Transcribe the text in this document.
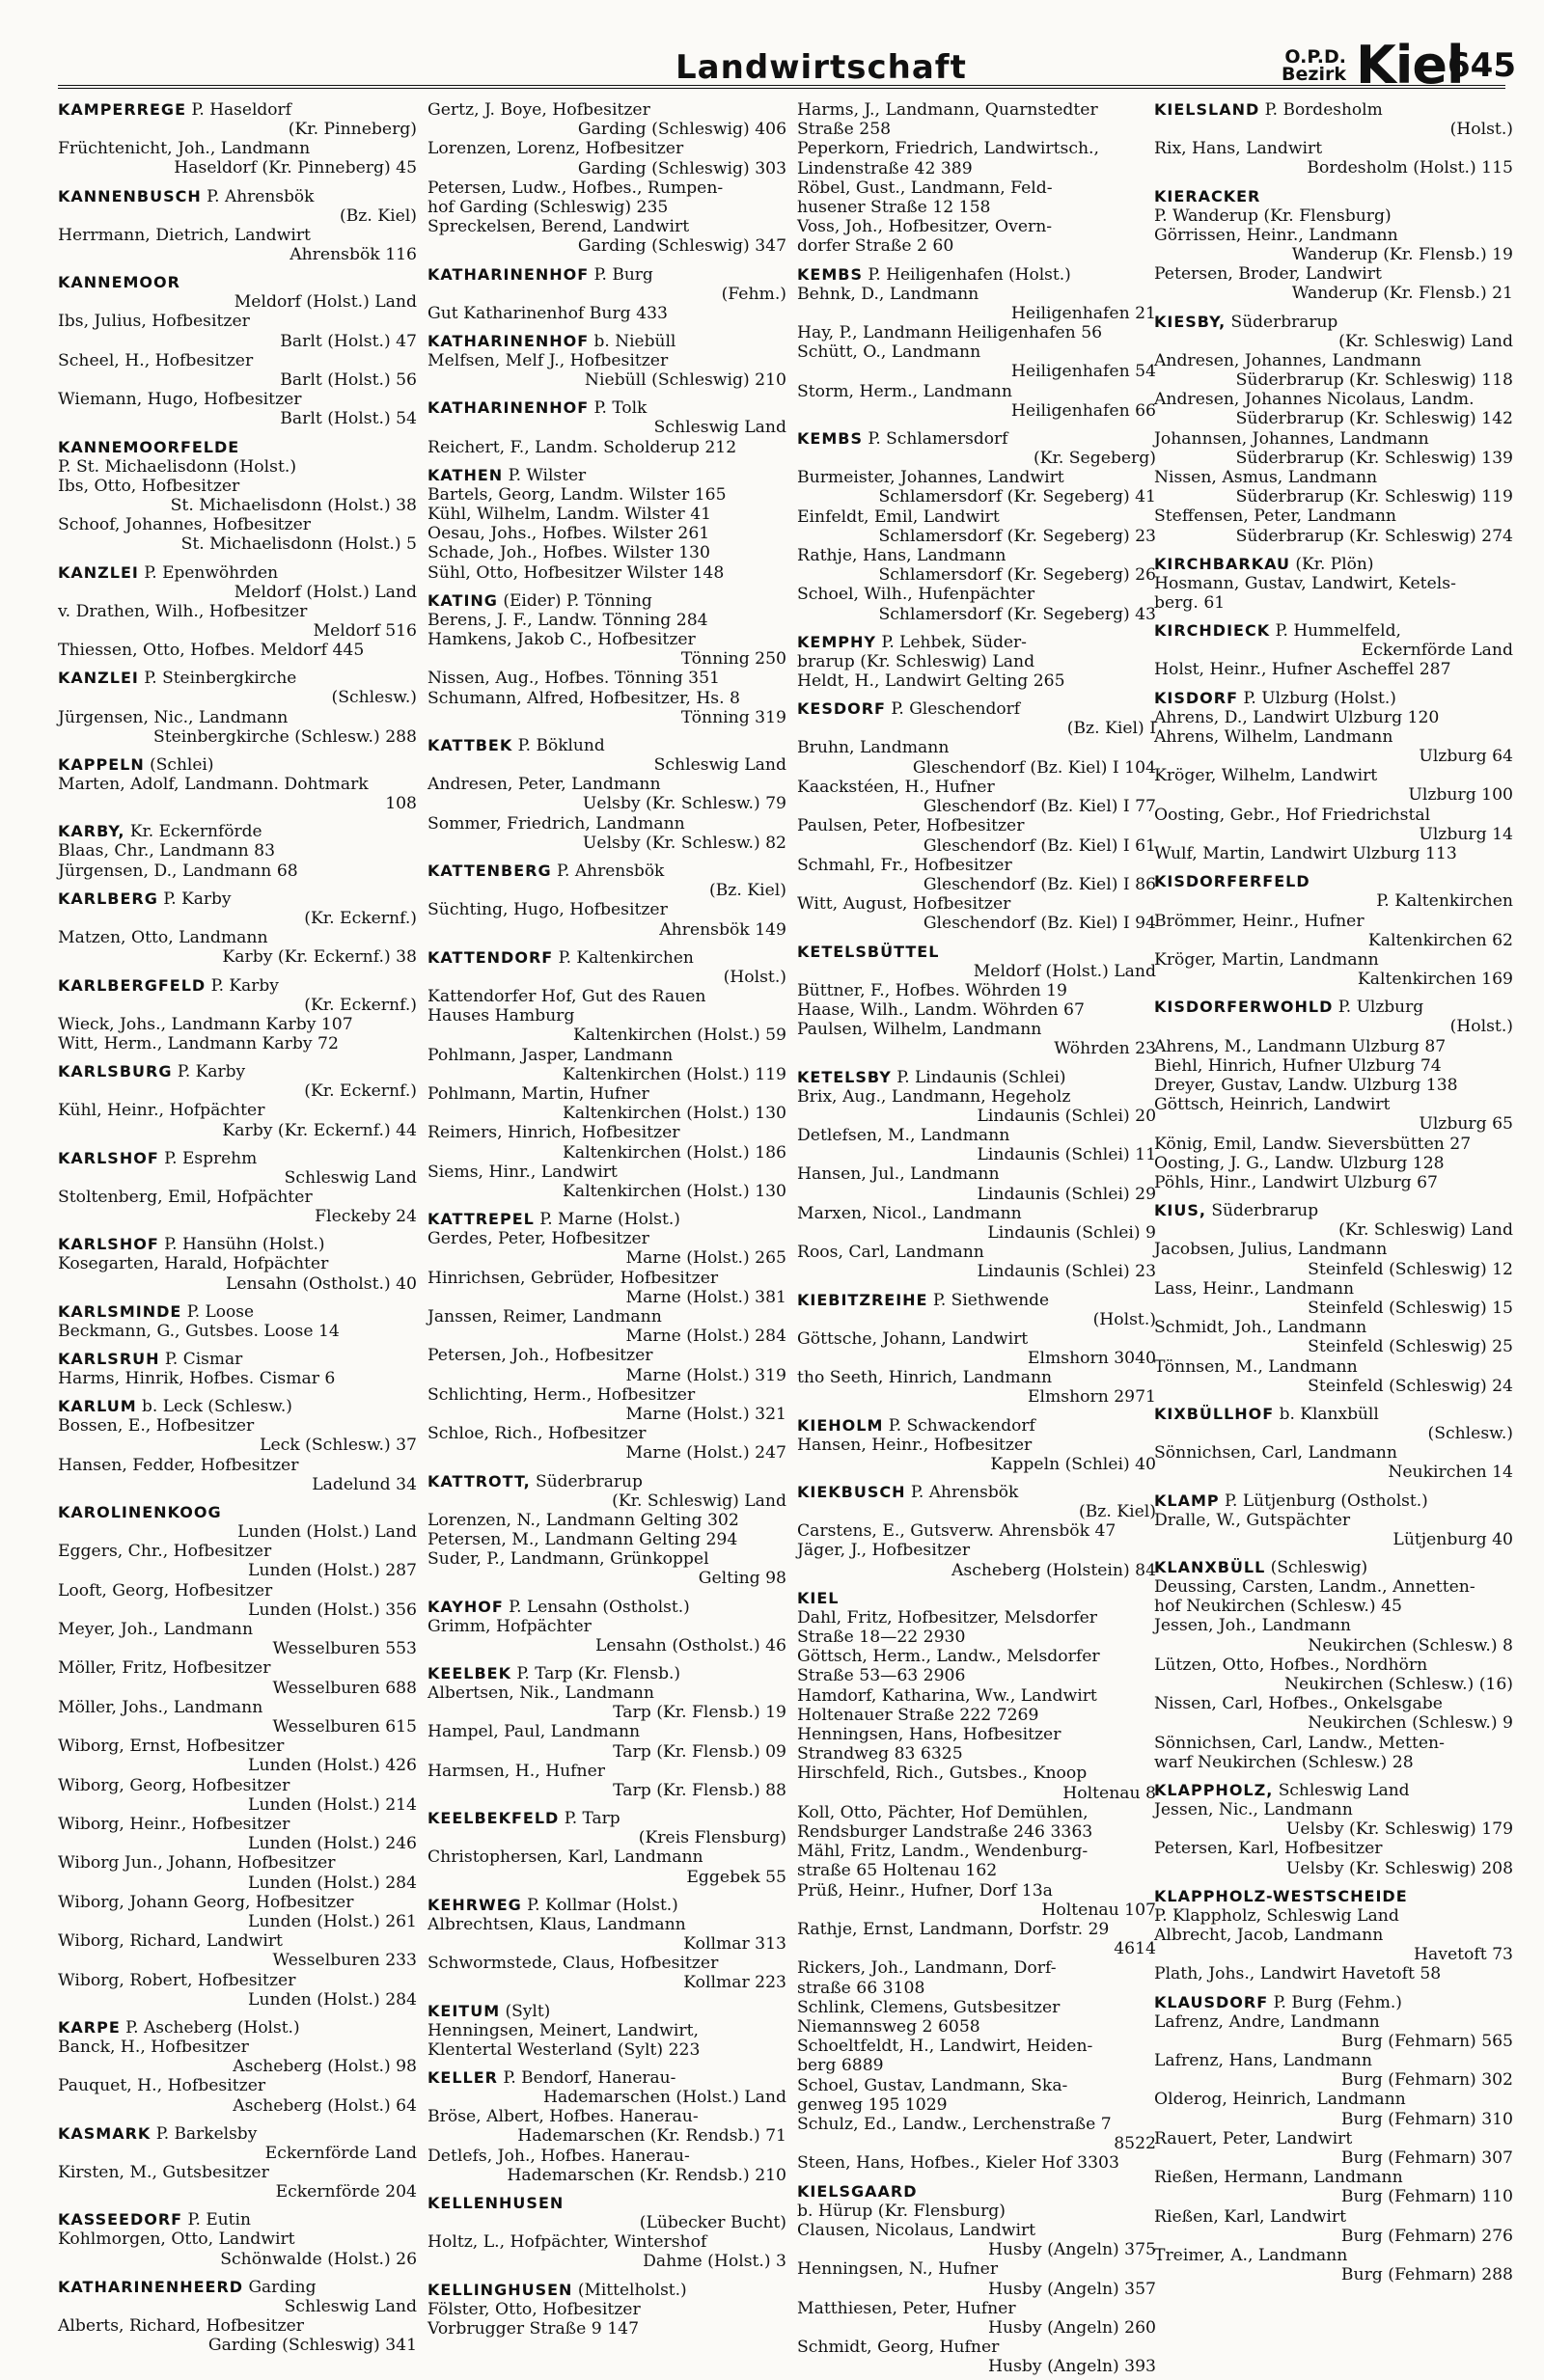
Landwirtschaft	O.P.D.
Bezirk Kiel
645
KAMPERREGE P. Haseldorf
(Kr. Pinneberg)
Früchtenicht, Joh., Landmann
Haseldorf (Kr. Pinneberg) 45
KANNENBUSCH P. Ahrensbök
(Bz. Kiel)
Herrmann, Dietrich, Landwirt
Ahrensbök 116
KANNEMOOR
Meldorf (Holst.) Land
Ibs, Julius, Hofbesitzer
Barlt (Holst.) 47
Scheel, H., Hofbesitzer
Barlt (Holst.) 56
Wiemann, Hugo, Hofbesitzer
Barlt (Holst.) 54
KANNEMOORFELDE
P. St. Michaelisdonn (Holst.)
Ibs, Otto, Hofbesitzer
St. Michaelisdonn (Holst.) 38
Schoof, Johannes, Hofbesitzer
St. Michaelisdonn (Holst.) 5
KANZLEI P. Epenwöhrden
Meldorf (Holst.) Land
v. Drathen, Wilh., Hofbesitzer
Meldorf 516
Thiessen, Otto, Hofbes. Meldorf 445
KANZLEI P. Steinbergkirche
(Schlesw.)
Jürgensen, Nic., Landmann
Steinbergkirche (Schlesw.) 288
KAPPELN (Schlei)
Marten, Adolf, Landmann. Dohtmark
108
KARBY, Kr. Eckernförde
Blaas, Chr., Landmann 83
Jürgensen, D., Landmann 68
KARLBERG P. Karby
(Kr. Eckernf.)
Matzen, Otto, Landmann
Karby (Kr. Eckernf.) 38
KARLBERGFELD P. Karby
(Kr. Eckernf.)
Wieck, Johs., Landmann Karby 107
Witt, Herm., Landmann Karby 72
KARLSBURG P. Karby
(Kr. Eckernf.)
Kühl, Heinr., Hofpächter
Karby (Kr. Eckernf.) 44
KARLSHOF P. Esprehm
Schleswig Land
Stoltenberg, Emil, Hofpächter
Fleckeby 24
KARLSHOF P. Hansühn (Holst.)
Kosegarten, Harald, Hofpächter
Lensahn (Ostholst.) 40
KARLSMINDE P. Loose
Beckmann, G., Gutsbes. Loose 14
KARLSRUH P. Cismar
Harms, Hinrik, Hofbes. Cismar 6
KARLUM b. Leck (Schlesw.)
Bossen, E., Hofbesitzer
Leck (Schlesw.) 37
Hansen, Fedder, Hofbesitzer
Ladelund 34
KAROLINENKOOG
Lunden (Holst.) Land
Eggers, Chr., Hofbesitzer
Lunden (Holst.) 287
Looft, Georg, Hofbesitzer
Lunden (Holst.) 356
Meyer, Joh., Landmann
Wesselburen 553
Möller, Fritz, Hofbesitzer
Wesselburen 688
Möller, Johs., Landmann
Wesselburen 615
Wiborg, Ernst, Hofbesitzer
Lunden (Holst.) 426
Wiborg, Georg, Hofbesitzer
Lunden (Holst.) 214
Wiborg, Heinr., Hofbesitzer
Lunden (Holst.) 246
Wiborg Jun., Johann, Hofbesitzer
Lunden (Holst.) 284
Wiborg, Johann Georg, Hofbesitzer
Lunden (Holst.) 261
Wiborg, Richard, Landwirt
Wesselburen 233
Wiborg, Robert, Hofbesitzer
Lunden (Holst.) 284
KARPE P. Ascheberg (Holst.)
Banck, H., Hofbesitzer
Ascheberg (Holst.) 98
Pauquet, H., Hofbesitzer
Ascheberg (Holst.) 64
KASMARK P. Barkelsby
Eckernförde Land
Kirsten, M., Gutsbesitzer
Eckernförde 204
KASSEEDORF P. Eutin
Kohlmorgen, Otto, Landwirt
Schönwalde (Holst.) 26
KATHARINENHEERD Garding
Schleswig Land
Alberts, Richard, Hofbesitzer
Garding (Schleswig) 341
Gertz, J. Boye, Hofbesitzer
Garding (Schleswig) 406
Lorenzen, Lorenz, Hofbesitzer
Garding (Schleswig) 303
Petersen, Ludw., Hofbes., Rumpen-
hof Garding (Schleswig) 235
Spreckelsen, Berend, Landwirt
Garding (Schleswig) 347
KATHARINENHOF P. Burg
(Fehm.)
Gut Katharinenhof Burg 433
KATHARINENHOF b. Niebüll
Melfsen, Melf J., Hofbesitzer
Niebüll (Schleswig) 210
KATHARINENHOF P. Tolk
Schleswig Land
Reichert, F., Landm. Scholderup 212
KATHEN P. Wilster
Bartels, Georg, Landm. Wilster 165
Kühl, Wilhelm, Landm. Wilster 41
Oesau, Johs., Hofbes. Wilster 261
Schade, Joh., Hofbes. Wilster 130
Sühl, Otto, Hofbesitzer Wilster 148
KATING (Eider) P. Tönning
Berens, J. F., Landw. Tönning 284
Hamkens, Jakob C., Hofbesitzer
Tönning 250
Nissen, Aug., Hofbes. Tönning 351
Schumann, Alfred, Hofbesitzer, Hs. 8
Tönning 319
KATTBEK P. Böklund
Schleswig Land
Andresen, Peter, Landmann
Uelsby (Kr. Schlesw.) 79
Sommer, Friedrich, Landmann
Uelsby (Kr. Schlesw.) 82
KATTENBERG P. Ahrensbök
(Bz. Kiel)
Süchting, Hugo, Hofbesitzer
Ahrensbök 149
KATTENDORF P. Kaltenkirchen
(Holst.)
Kattendorfer Hof, Gut des Rauen
Hauses Hamburg
Kaltenkirchen (Holst.) 59
Pohlmann, Jasper, Landmann
Kaltenkirchen (Holst.) 119
Pohlmann, Martin, Hufner
Kaltenkirchen (Holst.) 130
Reimers, Hinrich, Hofbesitzer
Kaltenkirchen (Holst.) 186
Siems, Hinr., Landwirt
Kaltenkirchen (Holst.) 130
KATTREPEL P. Marne (Holst.)
Gerdes, Peter, Hofbesitzer
Marne (Holst.) 265
Hinrichsen, Gebrüder, Hofbesitzer
Marne (Holst.) 381
Janssen, Reimer, Landmann
Marne (Holst.) 284
Petersen, Joh., Hofbesitzer
Marne (Holst.) 319
Schlichting, Herm., Hofbesitzer
Marne (Holst.) 321
Schloe, Rich., Hofbesitzer
Marne (Holst.) 247
KATTROTT, Süderbrarup
(Kr. Schleswig) Land
Lorenzen, N., Landmann Gelting 302
Petersen, M., Landmann Gelting 294
Suder, P., Landmann, Grünkoppel
Gelting 98
KAYHOF P. Lensahn (Ostholst.)
Grimm, Hofpächter
Lensahn (Ostholst.) 46
KEELBEK P. Tarp (Kr. Flensb.)
Albertsen, Nik., Landmann
Tarp (Kr. Flensb.) 19
Hampel, Paul, Landmann
Tarp (Kr. Flensb.) 09
Harmsen, H., Hufner
Tarp (Kr. Flensb.) 88
KEELBEKFELD P. Tarp
(Kreis Flensburg)
Christophersen, Karl, Landmann
Eggebek 55
KEHRWEG P. Kollmar (Holst.)
Albrechtsen, Klaus, Landmann
Kollmar 313
Schwormstede, Claus, Hofbesitzer
Kollmar 223
KEITUM (Sylt)
Henningsen, Meinert, Landwirt,
Klentertal Westerland (Sylt) 223
KELLER P. Bendorf, Hanerau-
Hademarschen (Holst.) Land
Bröse, Albert, Hofbes. Hanerau-
Hademarschen (Kr. Rendsb.) 71
Detlefs, Joh., Hofbes. Hanerau-
Hademarschen (Kr. Rendsb.) 210
KELLENHUSEN
(Lübecker Bucht)
Holtz, L., Hofpächter, Wintershof
Dahme (Holst.) 3
KELLINGHUSEN (Mittelholst.)
Fölster, Otto, Hofbesitzer
Vorbrugger Straße 9 147
Harms, J., Landmann, Quarnstedter
Straße 258
Peperkorn, Friedrich, Landwirtsch.,
Lindenstraße 42 389
Röbel, Gust., Landmann, Feld-
husener Straße 12 158
Voss, Joh., Hofbesitzer, Overn-
dorfer Straße 2 60
KEMBS P. Heiligenhafen (Holst.)
Behnk, D., Landmann
Heiligenhafen 21
Hay, P., Landmann Heiligenhafen 56
Schütt, O., Landmann
Heiligenhafen 54
Storm, Herm., Landmann
Heiligenhafen 66
KEMBS P. Schlamersdorf
(Kr. Segeberg)
Burmeister, Johannes, Landwirt
Schlamersdorf (Kr. Segeberg) 41
Einfeldt, Emil, Landwirt
Schlamersdorf (Kr. Segeberg) 23
Rathje, Hans, Landmann
Schlamersdorf (Kr. Segeberg) 26
Schoel, Wilh., Hufenpächter
Schlamersdorf (Kr. Segeberg) 43
KEMPHY P. Lehbek, Süder-
brarup (Kr. Schleswig) Land
Heldt, H., Landwirt Gelting 265
KESDORF P. Gleschendorf
(Bz. Kiel) I
Bruhn, Landmann
Gleschendorf (Bz. Kiel) I 104
Kaackstéen, H., Hufner
Gleschendorf (Bz. Kiel) I 77
Paulsen, Peter, Hofbesitzer
Gleschendorf (Bz. Kiel) I 61
Schmahl, Fr., Hofbesitzer
Gleschendorf (Bz. Kiel) I 86
Witt, August, Hofbesitzer
Gleschendorf (Bz. Kiel) I 94
KETELSBÜTTEL
Meldorf (Holst.) Land
Büttner, F., Hofbes. Wöhrden 19
Haase, Wilh., Landm. Wöhrden 67
Paulsen, Wilhelm, Landmann
Wöhrden 23
KETELSBY P. Lindaunis (Schlei)
Brix, Aug., Landmann, Hegeholz
Lindaunis (Schlei) 20
Detlefsen, M., Landmann
Lindaunis (Schlei) 11
Hansen, Jul., Landmann
Lindaunis (Schlei) 29
Marxen, Nicol., Landmann
Lindaunis (Schlei) 9
Roos, Carl, Landmann
Lindaunis (Schlei) 23
KIEBITZREIHE P. Siethwende
(Holst.)
Göttsche, Johann, Landwirt
Elmshorn 3040
tho Seeth, Hinrich, Landmann
Elmshorn 2971
KIEHOLM P. Schwackendorf
Hansen, Heinr., Hofbesitzer
Kappeln (Schlei) 40
KIEKBUSCH P. Ahrensbök
(Bz. Kiel)
Carstens, E., Gutsverw. Ahrensbök 47
Jäger, J., Hofbesitzer
Ascheberg (Holstein) 84
KIEL
Dahl, Fritz, Hofbesitzer, Melsdorfer
Straße 18—22 2930
Göttsch, Herm., Landw., Melsdorfer
Straße 53—63 2906
Hamdorf, Katharina, Ww., Landwirt
Holtenauer Straße 222 7269
Henningsen, Hans, Hofbesitzer
Strandweg 83 6325
Hirschfeld, Rich., Gutsbes., Knoop
Holtenau 8
Koll, Otto, Pächter, Hof Demühlen,
Rendsburger Landstraße 246 3363
Mähl, Fritz, Landm., Wendenburg-
straße 65 Holtenau 162
Prüß, Heinr., Hufner, Dorf 13a
Holtenau 107
Rathje, Ernst, Landmann, Dorfstr. 29
4614
Rickers, Joh., Landmann, Dorf-
straße 66 3108
Schlink, Clemens, Gutsbesitzer
Niemannsweg 2 6058
Schoeltfeldt, H., Landwirt, Heiden-
berg 6889
Schoel, Gustav, Landmann, Ska-
genweg 195 1029
Schulz, Ed., Landw., Lerchenstraße 7
8522
Steen, Hans, Hofbes., Kieler Hof 3303
KIELSGAARD
b. Hürup (Kr. Flensburg)
Clausen, Nicolaus, Landwirt
Husby (Angeln) 375
Henningsen, N., Hufner
Husby (Angeln) 357
Matthiesen, Peter, Hufner
Husby (Angeln) 260
Schmidt, Georg, Hufner
Husby (Angeln) 393
KIELSLAND P. Bordesholm
(Holst.)
Rix, Hans, Landwirt
Bordesholm (Holst.) 115
KIERACKER
P. Wanderup (Kr. Flensburg)
Görrissen, Heinr., Landmann
Wanderup (Kr. Flensb.) 19
Petersen, Broder, Landwirt
Wanderup (Kr. Flensb.) 21
KIESBY, Süderbrarup
(Kr. Schleswig) Land
Andresen, Johannes, Landmann
Süderbrarup (Kr. Schleswig) 118
Andresen, Johannes Nicolaus, Landm.
Süderbrarup (Kr. Schleswig) 142
Johannsen, Johannes, Landmann
Süderbrarup (Kr. Schleswig) 139
Nissen, Asmus, Landmann
Süderbrarup (Kr. Schleswig) 119
Steffensen, Peter, Landmann
Süderbrarup (Kr. Schleswig) 274
KIRCHBARKAU (Kr. Plön)
Hosmann, Gustav, Landwirt, Ketels-
berg. 61
KIRCHDIECK P. Hummelfeld,
Eckernförde Land
Holst, Heinr., Hufner Ascheffel 287
KISDORF P. Ulzburg (Holst.)
Ahrens, D., Landwirt Ulzburg 120
Ahrens, Wilhelm, Landmann
Ulzburg 64
Kröger, Wilhelm, Landwirt
Ulzburg 100
Oosting, Gebr., Hof Friedrichstal
Ulzburg 14
Wulf, Martin, Landwirt Ulzburg 113
KISDORFERFELD
P. Kaltenkirchen
Brömmer, Heinr., Hufner
Kaltenkirchen 62
Kröger, Martin, Landmann
Kaltenkirchen 169
KISDORFERWOHLD P. Ulzburg
(Holst.)
Ahrens, M., Landmann Ulzburg 87
Biehl, Hinrich, Hufner Ulzburg 74
Dreyer, Gustav, Landw. Ulzburg 138
Göttsch, Heinrich, Landwirt
Ulzburg 65
König, Emil, Landw. Sieversbütten 27
Oosting, J. G., Landw. Ulzburg 128
Pöhls, Hinr., Landwirt Ulzburg 67
KIUS, Süderbrarup
(Kr. Schleswig) Land
Jacobsen, Julius, Landmann
Steinfeld (Schleswig) 12
Lass, Heinr., Landmann
Steinfeld (Schleswig) 15
Schmidt, Joh., Landmann
Steinfeld (Schleswig) 25
Tönnsen, M., Landmann
Steinfeld (Schleswig) 24
KIXBÜLLHOF b. Klanxbüll
(Schlesw.)
Sönnichsen, Carl, Landmann
Neukirchen 14
KLAMP P. Lütjenburg (Ostholst.)
Dralle, W., Gutspächter
Lütjenburg 40
KLANXBÜLL (Schleswig)
Deussing, Carsten, Landm., Annetten-
hof Neukirchen (Schlesw.) 45
Jessen, Joh., Landmann
Neukirchen (Schlesw.) 8
Lützen, Otto, Hofbes., Nordhörn
Neukirchen (Schlesw.) (16)
Nissen, Carl, Hofbes., Onkelsgabe
Neukirchen (Schlesw.) 9
Sönnichsen, Carl, Landw., Metten-
warf Neukirchen (Schlesw.) 28
KLAPPHOLZ, Schleswig Land
Jessen, Nic., Landmann
Uelsby (Kr. Schleswig) 179
Petersen, Karl, Hofbesitzer
Uelsby (Kr. Schleswig) 208
KLAPPHOLZ-WESTSCHEIDE
P. Klappholz, Schleswig Land
Albrecht, Jacob, Landmann
Havetoft 73
Plath, Johs., Landwirt Havetoft 58
KLAUSDORF P. Burg (Fehm.)
Lafrenz, Andre, Landmann
Burg (Fehmarn) 565
Lafrenz, Hans, Landmann
Burg (Fehmarn) 302
Olderog, Heinrich, Landmann
Burg (Fehmarn) 310
Rauert, Peter, Landwirt
Burg (Fehmarn) 307
Rießen, Hermann, Landmann
Burg (Fehmarn) 110
Rießen, Karl, Landwirt
Burg (Fehmarn) 276
Treimer, A., Landmann
Burg (Fehmarn) 288
